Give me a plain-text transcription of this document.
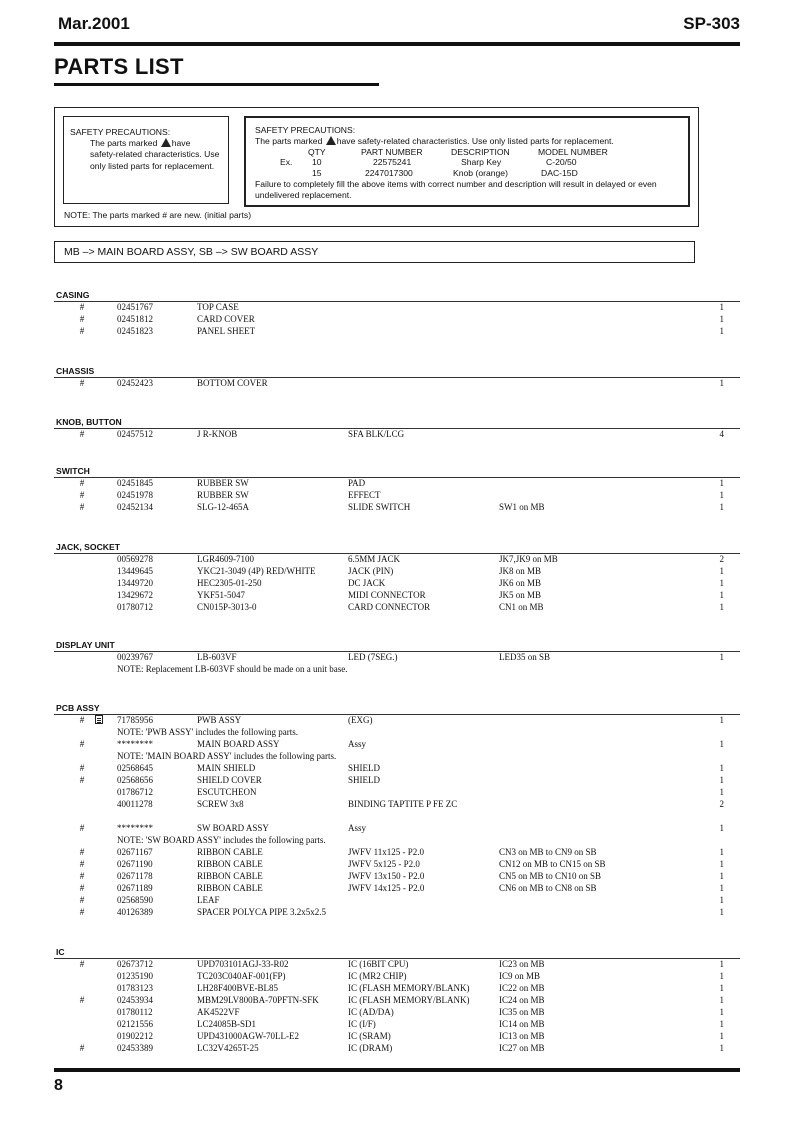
Mar.2001	SP-303
PARTS LIST
SAFETY PRECAUTIONS:

The parts marked have
safety-related characteristics. Use
only listed parts for replacement.
SAFETY PRECAUTIONS:
The parts marked have safety-related characteristics. Use only listed parts for replacement.
QTY	PART NUMBER	DESCRIPTION	MODEL NUMBER
Ex. 10	22575241	Sharp Key	C-20/50
15	2247017300	Knob (orange)	DAC-15D
Failure to completely fill the above items with correct number and description will result in delayed or even
undelivered replacement.
NOTE: The parts marked # are new. (initial parts)
MB –> MAIN BOARD ASSY, SB –> SW BOARD ASSY
CASING
#	02451767	TOP CASE	1
#	02451812	CARD COVER	1
#	02451823	PANEL SHEET	1
CHASSIS
#	02452423	BOTTOM COVER	1
KNOB, BUTTON
#	02457512	J R-KNOB	SFA BLK/LCG	4
SWITCH
#	02451845	RUBBER SW	PAD	1
#	02451978	RUBBER SW	EFFECT	1
#	02452134	SLG-12-465A	SLIDE SWITCH	SW1 on MB	1
JACK, SOCKET
00569278	LGR4609-7100	6.5MM JACK	JK7,JK9 on MB	2
13449645	YKC21-3049 (4P) RED/WHITE	JACK (PIN)	JK8 on MB	1
13449720	HEC2305-01-250	DC JACK	JK6 on MB	1
13429672	YKF51-5047	MIDI CONNECTOR	JK5 on MB	1
01780712	CN015P-3013-0	CARD CONNECTOR	CN1 on MB	1
DISPLAY UNIT
00239767	LB-603VF	LED (7SEG.)	LED35 on SB	1
NOTE: Replacement LB-603VF should be made on a unit base.
PCB ASSY
#	71785956	PWB ASSY	(EXG)	1
NOTE: 'PWB ASSY' includes the following parts.
#	********	MAIN BOARD ASSY	Assy	1
NOTE: 'MAIN BOARD ASSY' includes the following parts.
#	02568645	MAIN SHIELD	SHIELD	1
#	02568656	SHIELD COVER	SHIELD	1
01786712	ESCUTCHEON	1
40011278	SCREW 3x8	BINDING TAPTITE P FE ZC	2
#	********	SW BOARD ASSY	Assy	1
NOTE: 'SW BOARD ASSY' includes the following parts.
#	02671167	RIBBON CABLE	JWFV 11x125 - P2.0	CN3 on MB to CN9 on SB	1
#	02671190	RIBBON CABLE	JWFV 5x125 - P2.0	CN12 on MB to CN15 on SB	1
#	02671178	RIBBON CABLE	JWFV 13x150 - P2.0	CN5 on MB to CN10 on SB	1
#	02671189	RIBBON CABLE	JWFV 14x125 - P2.0	CN6 on MB to CN8 on SB	1
#	02568590	LEAF	1
#	40126389	SPACER POLYCA PIPE 3.2x5x2.5	1
IC
#	02673712	UPD703101AGJ-33-R02	IC (16BIT CPU)	IC23 on MB	1
01235190	TC203C040AF-001(FP)	IC (MR2 CHIP)	IC9 on MB	1
01783123	LH28F400BVE-BL85	IC (FLASH MEMORY/BLANK)	IC22 on MB	1
#	02453934	MBM29LV800BA-70PFTN-SFK	IC (FLASH MEMORY/BLANK)	IC24 on MB	1
01780112	AK4522VF	IC (AD/DA)	IC35 on MB	1
02121556	LC24085B-SD1	IC (I/F)	IC14 on MB	1
01902212	UPD431000AGW-70LL-E2	IC (SRAM)	IC13 on MB	1
#	02453389	LC32V4265T-25	IC (DRAM)	IC27 on MB	1
8
